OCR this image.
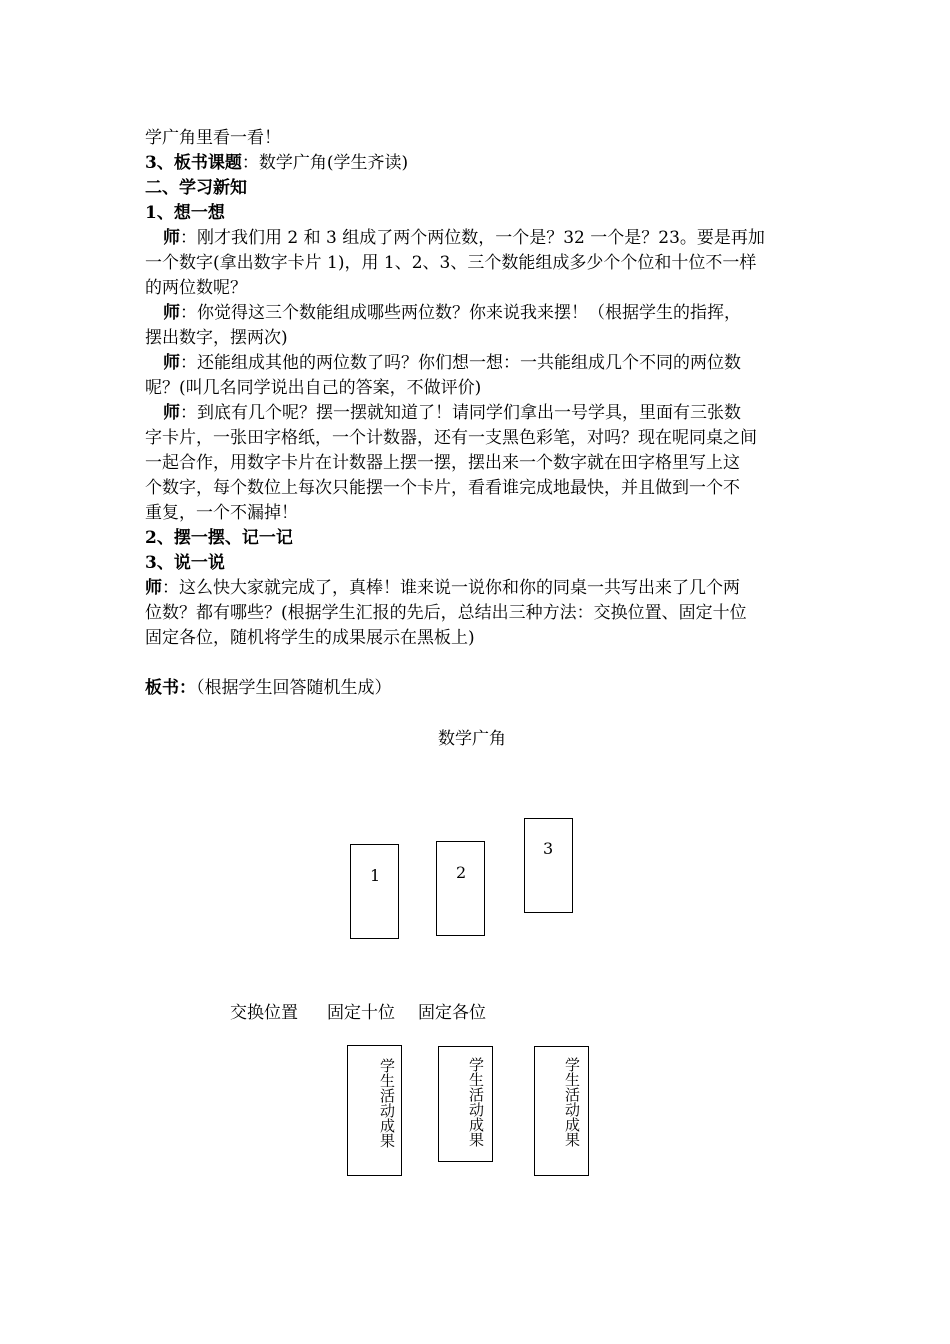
学广角里看一看！
3、板书课题：数学广角(学生齐读)
二、学习新知
1、想一想
师：刚才我们用 2 和 3 组成了两个两位数，一个是？32 一个是？23。要是再加
一个数字(拿出数字卡片 1)，用 1、2、3、三个数能组成多少个个位和十位不一样
的两位数呢？
师：你觉得这三个数能组成哪些两位数？你来说我来摆！（根据学生的指挥，
摆出数字，摆两次)
师：还能组成其他的两位数了吗？你们想一想：一共能组成几个不同的两位数
呢？(叫几名同学说出自己的答案，不做评价)
师：到底有几个呢？摆一摆就知道了！请同学们拿出一号学具，里面有三张数
字卡片，一张田字格纸，一个计数器，还有一支黑色彩笔，对吗？现在呢同桌之间
一起合作，用数字卡片在计数器上摆一摆，摆出来一个数字就在田字格里写上这
个数字，每个数位上每次只能摆一个卡片，看看谁完成地最快，并且做到一个不
重复，一个不漏掉！
2、摆一摆、记一记
3、说一说
师：这么快大家就完成了，真棒！谁来说一说你和你的同桌一共写出来了几个两
位数？都有哪些？(根据学生汇报的先后，总结出三种方法：交换位置、固定十位
固定各位，随机将学生的成果展示在黑板上)
板书：（根据学生回答随机生成）
数学广角
1	2
3
交换位置 固定十位 固定各位
学生活动成果	学生活动成果	学生活动成果
